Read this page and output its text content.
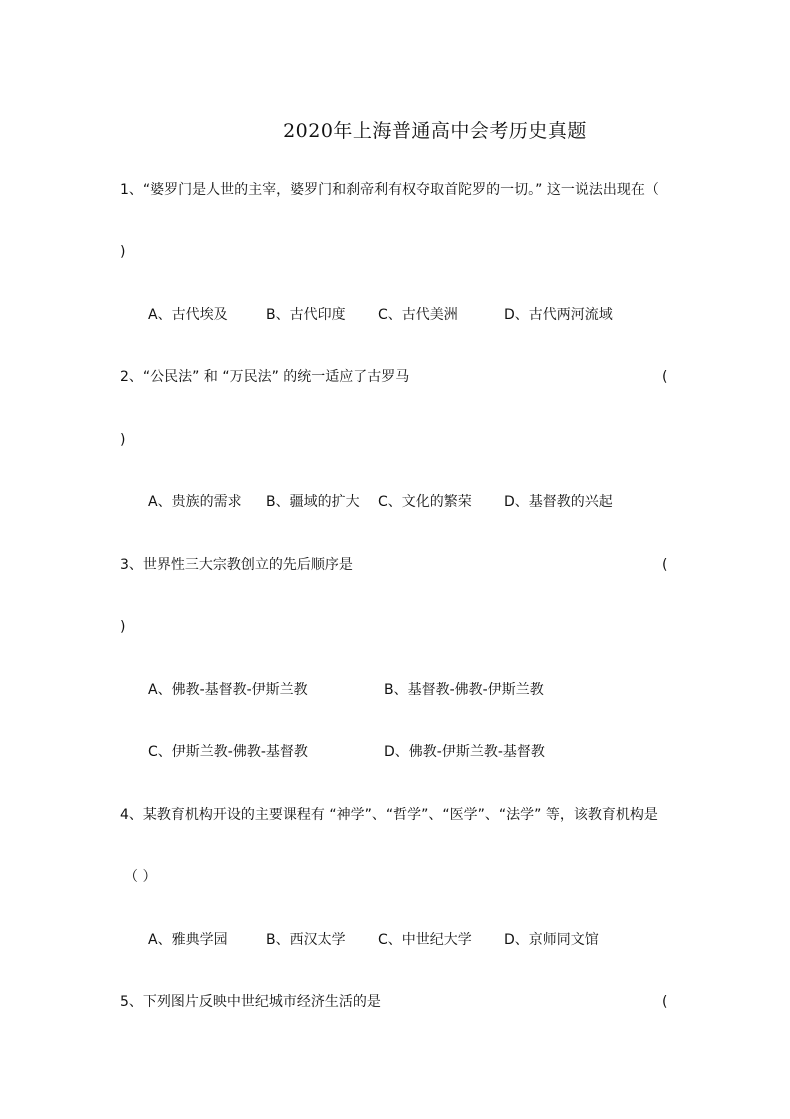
2020年上海普通高中会考历史真题
1、“婆罗门是人世的主宰，婆罗门和刹帝利有权夺取首陀罗的一切。” 这一说法出现在（
)
A、古代埃及	B、古代印度 C、古代美洲	D、古代两河流域
2、“公民法” 和 “万民法” 的统一适应了古罗马	(
)
A、贵族的需求 B、疆域的扩大 C、文化的繁荣 D、基督教的兴起
3、世界性三大宗教创立的先后顺序是	(
)
A、佛教-基督教-伊斯兰教	B、基督教-佛教-伊斯兰教
C、伊斯兰教-佛教-基督教	D、佛教-伊斯兰教-基督教
4、某教育机构开设的主要课程有 “神学”、“哲学”、“医学”、“法学” 等，该教育机构是
（ ）
A、雅典学园	B、西汉太学 C、中世纪大学 D、京师同文馆
5、下列图片反映中世纪城市经济生活的是	(
